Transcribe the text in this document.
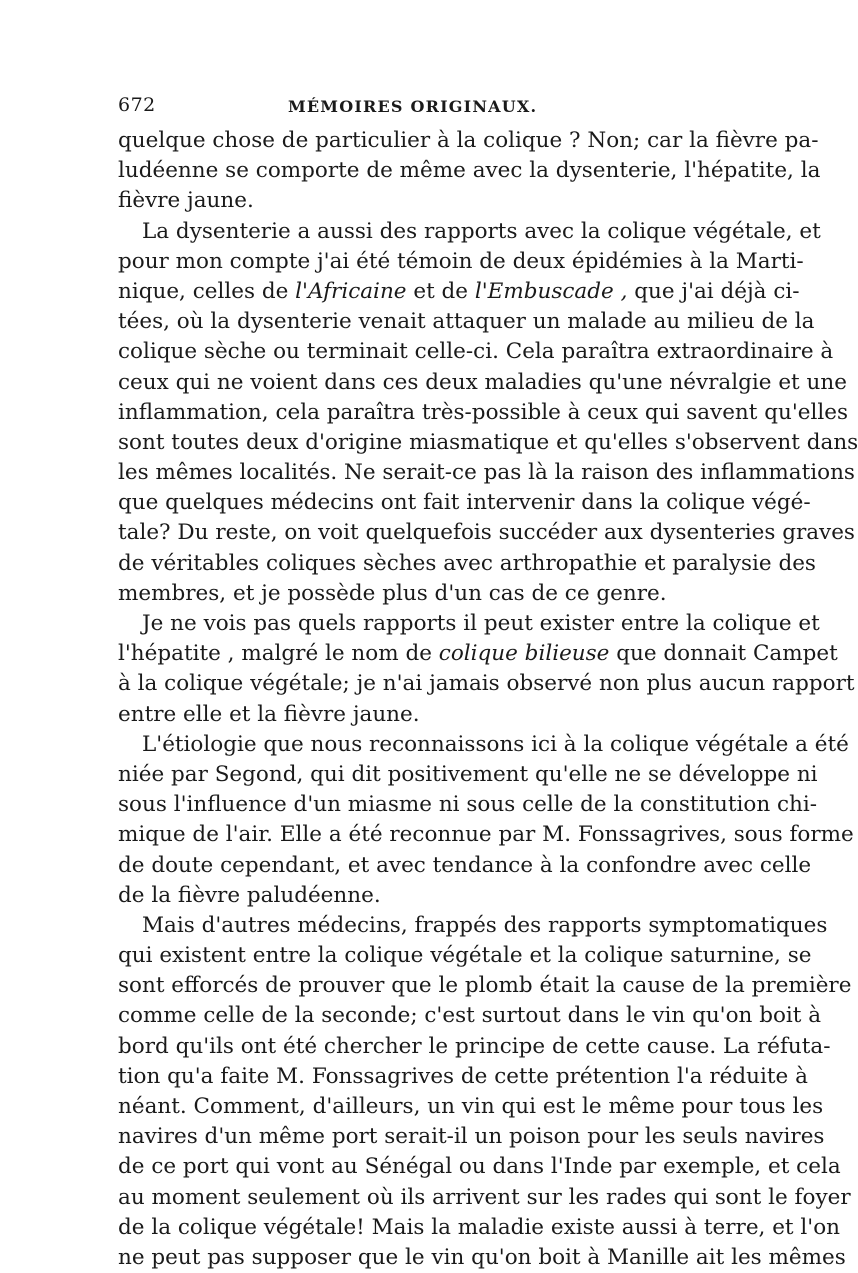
672	MÉMOIRES ORIGINAUX.
quelque chose de particulier à la colique ? Non; car la fièvre pa-
ludéenne se comporte de même avec la dysenterie, l'hépatite, la
fièvre jaune.
La dysenterie a aussi des rapports avec la colique végétale, et
pour mon compte j'ai été témoin de deux épidémies à la Marti-
nique, celles de l'Africaine et de l'Embuscade , que j'ai déjà ci-
tées, où la dysenterie venait attaquer un malade au milieu de la
colique sèche ou terminait celle-ci. Cela paraîtra extraordinaire à
ceux qui ne voient dans ces deux maladies qu'une névralgie et une
inflammation, cela paraîtra très-possible à ceux qui savent qu'elles
sont toutes deux d'origine miasmatique et qu'elles s'observent dans
les mêmes localités. Ne serait-ce pas là la raison des inflammations
que quelques médecins ont fait intervenir dans la colique végé-
tale? Du reste, on voit quelquefois succéder aux dysenteries graves
de véritables coliques sèches avec arthropathie et paralysie des
membres, et je possède plus d'un cas de ce genre.
Je ne vois pas quels rapports il peut exister entre la colique et
l'hépatite , malgré le nom de colique bilieuse que donnait Campet
à la colique végétale; je n'ai jamais observé non plus aucun rapport
entre elle et la fièvre jaune.
L'étiologie que nous reconnaissons ici à la colique végétale a été
niée par Segond, qui dit positivement qu'elle ne se développe ni
sous l'influence d'un miasme ni sous celle de la constitution chi-
mique de l'air. Elle a été reconnue par M. Fonssagrives, sous forme
de doute cependant, et avec tendance à la confondre avec celle
de la fièvre paludéenne.
Mais d'autres médecins, frappés des rapports symptomatiques
qui existent entre la colique végétale et la colique saturnine, se
sont efforcés de prouver que le plomb était la cause de la première
comme celle de la seconde; c'est surtout dans le vin qu'on boit à
bord qu'ils ont été chercher le principe de cette cause. La réfuta-
tion qu'a faite M. Fonssagrives de cette prétention l'a réduite à
néant. Comment, d'ailleurs, un vin qui est le même pour tous les
navires d'un même port serait-il un poison pour les seuls navires
de ce port qui vont au Sénégal ou dans l'Inde par exemple, et cela
au moment seulement où ils arrivent sur les rades qui sont le foyer
de la colique végétale! Mais la maladie existe aussi à terre, et l'on
ne peut pas supposer que le vin qu'on boit à Manille ait les mêmes
